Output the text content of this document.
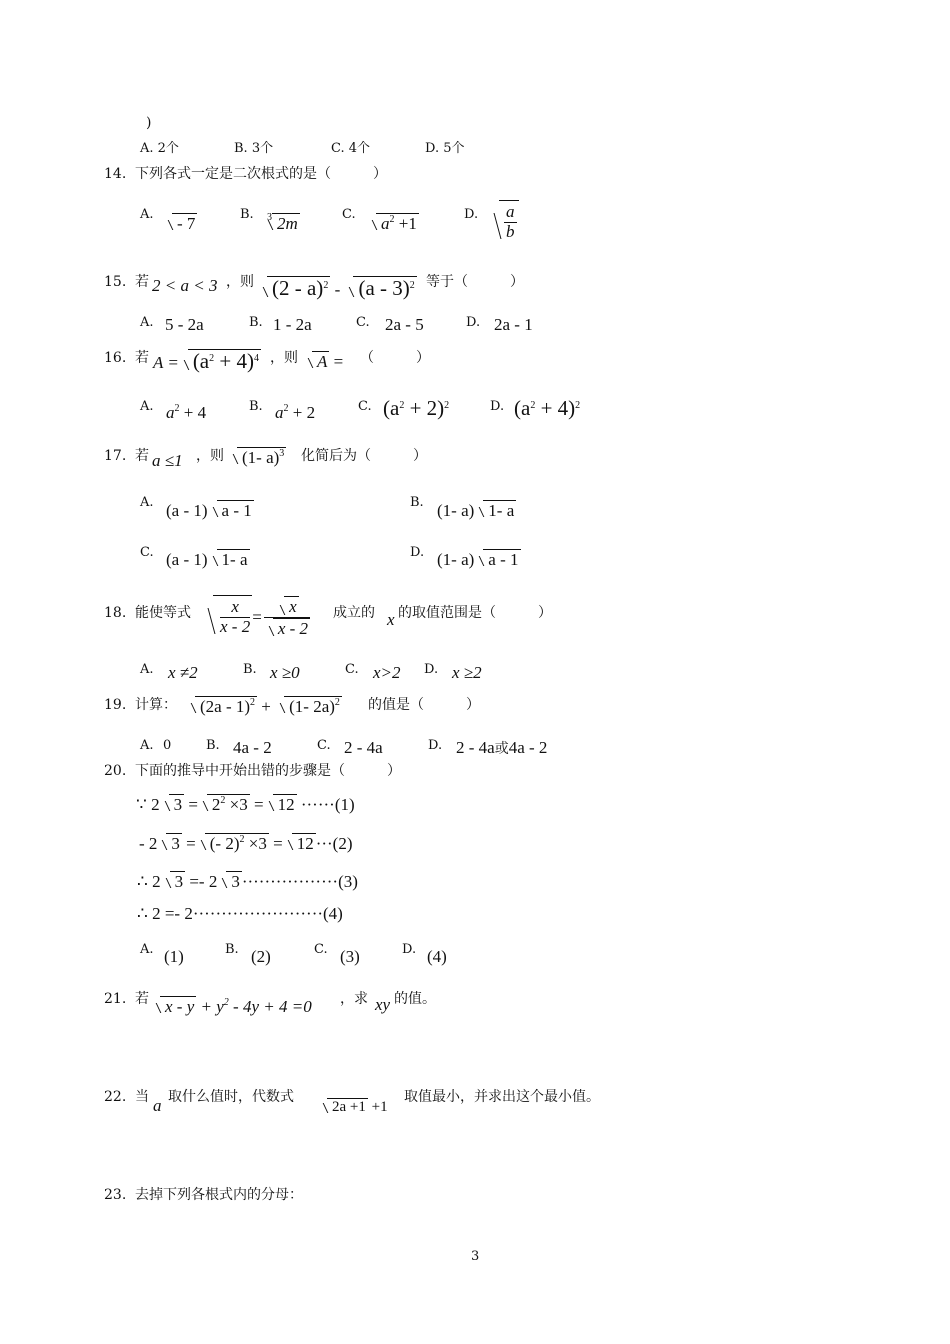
)
A. 2个	B. 3个	C. 4个	D. 5个
14. 下列各式一定是二次根式的是（　　　）
A.	- 7	B. 3 2m	C.	$a^2 +1$	D. $\frac{a}{b}$
15. 若 2 < a < 3 ，则 (2 - a)$^2$ - (a - 3)$^2$ 等于（　　　）
A. 5 - 2a	B. 1 - 2a	C. 2a - 5	D. 2a - 1
16. 若 $A = (a^2 + 4)^4$ ，则	A = （　　　）
A. $a^2 + 4$	B. $a^2 + 2$	C. $(a^2 + 2)^2$	D. $(a^2 + 4)^2$
17. 若 a ≤1 ，则	(1- a)$^3$ 化简后为（　　　）
A. (a - 1) a - 1	B. (1- a) 1- a
C. (a - 1) 1- a	D. (1- a) a - 1
18. 能使等式 $\frac{x}{x - 2} = \frac{x}{x - 2}$ 成立的 x 的取值范围是（　　　）
A. x ≠2	B. x ≥0	C. x>2 D. x ≥2
19. 计算：	(2a - 1)$^2$ + (1- 2a)$^2$ 的值是（　　　）
A. 0	B. 4a - 2	C. 2 - 4a	D. 2 - 4a或4a - 2
20. 下面的推导中开始出错的步骤是（　　　）
∵ 2 $3 = 2^2 \times 3 = 12 \cdot\cdot\cdot\cdot\cdot\cdot(1)$
- 2 3 = (- 2)$^2$ ×3 = 12 ···(2)
∴ 2 3 =- 2 3 ·················(3)
∴ 2 =- 2·······················(4)
A. (1)	B. (2)	C. (3)	D. (4)
21. 若 $x - y + y^2 - 4y + 4 =0$ ，求 xy 的值。
22. 当 a 取什么值时，代数式
2a +1 +1
取值最小，并求出这个最小值。
23. 去掉下列各根式内的分母：
3
